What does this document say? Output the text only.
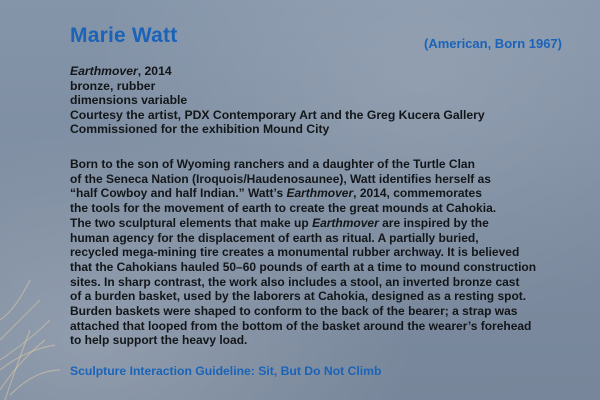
Marie Watt	(American, Born 1967)
Earthmover, 2014
bronze, rubber
dimensions variable
Courtesy the artist, PDX Contemporary Art and the Greg Kucera Gallery
Commissioned for the exhibition Mound City
Born to the son of Wyoming ranchers and a daughter of the Turtle Clan
of the Seneca Nation (Iroquois/Haudenosaunee), Watt identifies herself as
“half Cowboy and half Indian.” Watt’s Earthmover, 2014, commemorates
the tools for the movement of earth to create the great mounds at Cahokia.
The two sculptural elements that make up Earthmover are inspired by the
human agency for the displacement of earth as ritual. A partially buried,
recycled mega-mining tire creates a monumental rubber archway. It is believed
that the Cahokians hauled 50–60 pounds of earth at a time to mound construction
sites. In sharp contrast, the work also includes a stool, an inverted bronze cast
of a burden basket, used by the laborers at Cahokia, designed as a resting spot.
Burden baskets were shaped to conform to the back of the bearer; a strap was
attached that looped from the bottom of the basket around the wearer’s forehead
to help support the heavy load.
Sculpture Interaction Guideline: Sit, But Do Not Climb
